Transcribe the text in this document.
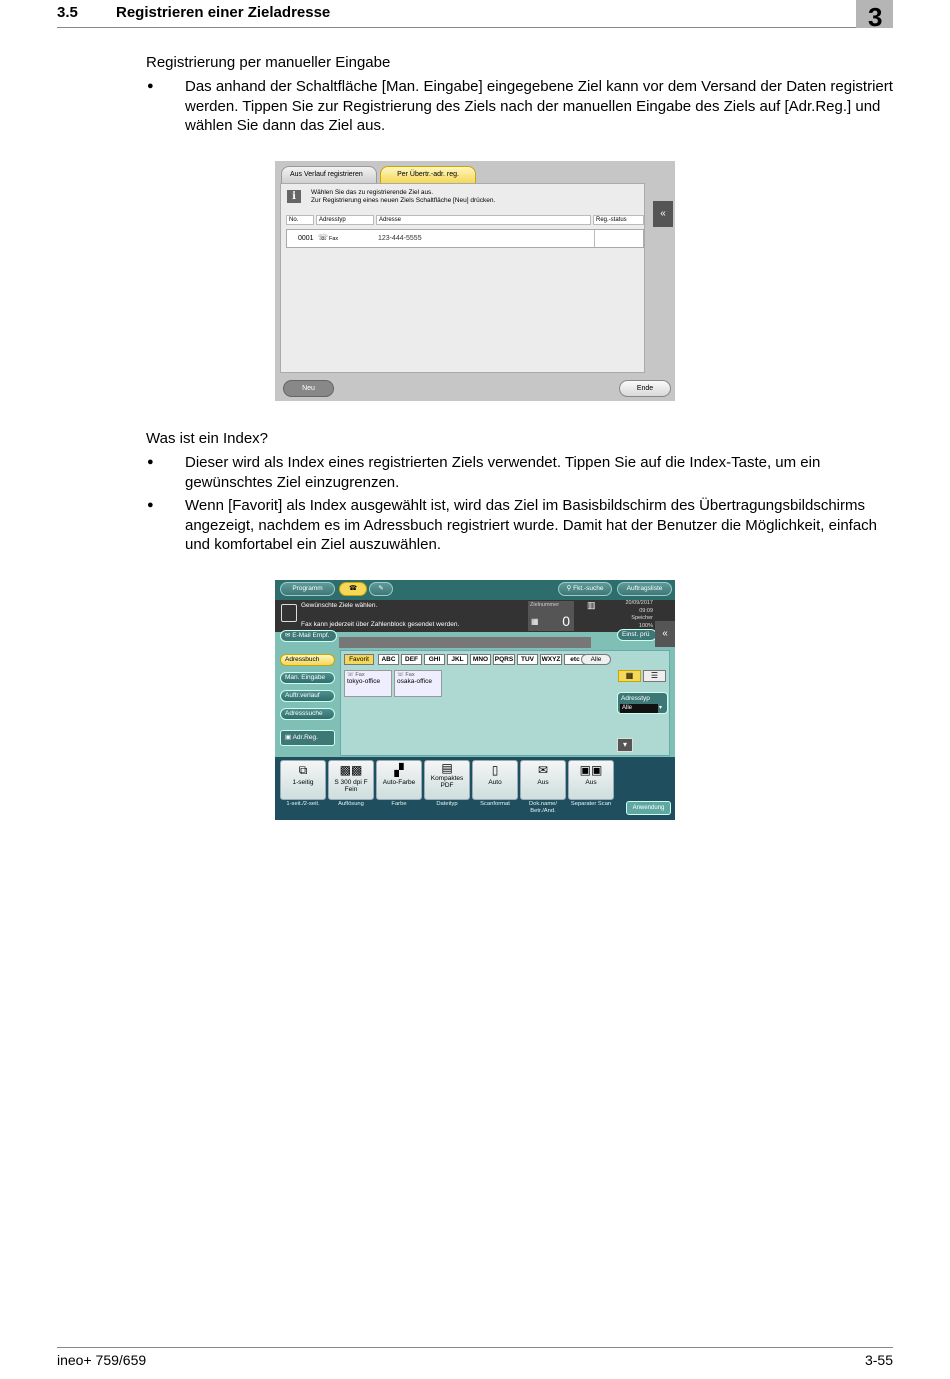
3.5	Registrieren einer Zieladresse	3
Registrierung per manueller Eingabe
● Das anhand der Schaltfläche [Man. Eingabe] eingegebene Ziel kann vor dem Versand der Daten registriert werden. Tippen Sie zur Registrierung des Ziels nach der manuellen Eingabe des Ziels auf [Adr.Reg.] und wählen Sie dann das Ziel aus.
Aus Verlauf registrieren	Per Übertr.-adr. reg.
i	Wählen Sie das zu registrierende Ziel aus.
Zur Registrierung eines neuen Ziels Schaltfläche [Neu] drücken.
No.	Adresstyp	Adresse	Reg.-status
0001 ☏ Fax	123-444-5555
«
Neu	Ende
Was ist ein Index?
● Dieser wird als Index eines registrierten Ziels verwendet. Tippen Sie auf die Index-Taste, um ein gewünschtes Ziel einzugrenzen.
● Wenn [Favorit] als Index ausgewählt ist, wird das Ziel im Basisbildschirm des Übertragungsbildschirms angezeigt, nachdem es im Adressbuch registriert wurde. Damit hat der Benutzer die Möglichkeit, einfach und komfortabel ein Ziel auszuwählen.
Programm	☎	✎	⚲ Fkt.-suche	Auftragsliste
Gewünschte Ziele wählen.
Fax kann jederzeit über Zahlenblock gesendet werden.
Zielnummer
▦ 0
▥	20/09/2017
09:09
Speicher
100%
✉ E-Mail Empf.	Einst. prü	«
Adressbuch
Man. Eingabe
Auftr.verlauf
Adresssuche
▣ Adr.Reg.
Favorit	ABC	DEF	GHI	JKL	MNO	PQRS	TUV	WXYZ	etc	Alle
☏ Fax
tokyo-office
☏ Fax
osaka-office
▦	☰
Adresstyp
Alle	▾
▾
⧉
1-seitig
▩▩
S 300 dpi F Fein
▞
Auto-Farbe
▤
Kompaktes PDF
▯
Auto
✉
Aus
▣▣
Aus
1-seit./2-seit.	Auflösung	Farbe	Dateityp	Scanformat	Dok.name/ Betr./And.
Separater Scan
Anwendung
ineo+ 759/659	3-55
